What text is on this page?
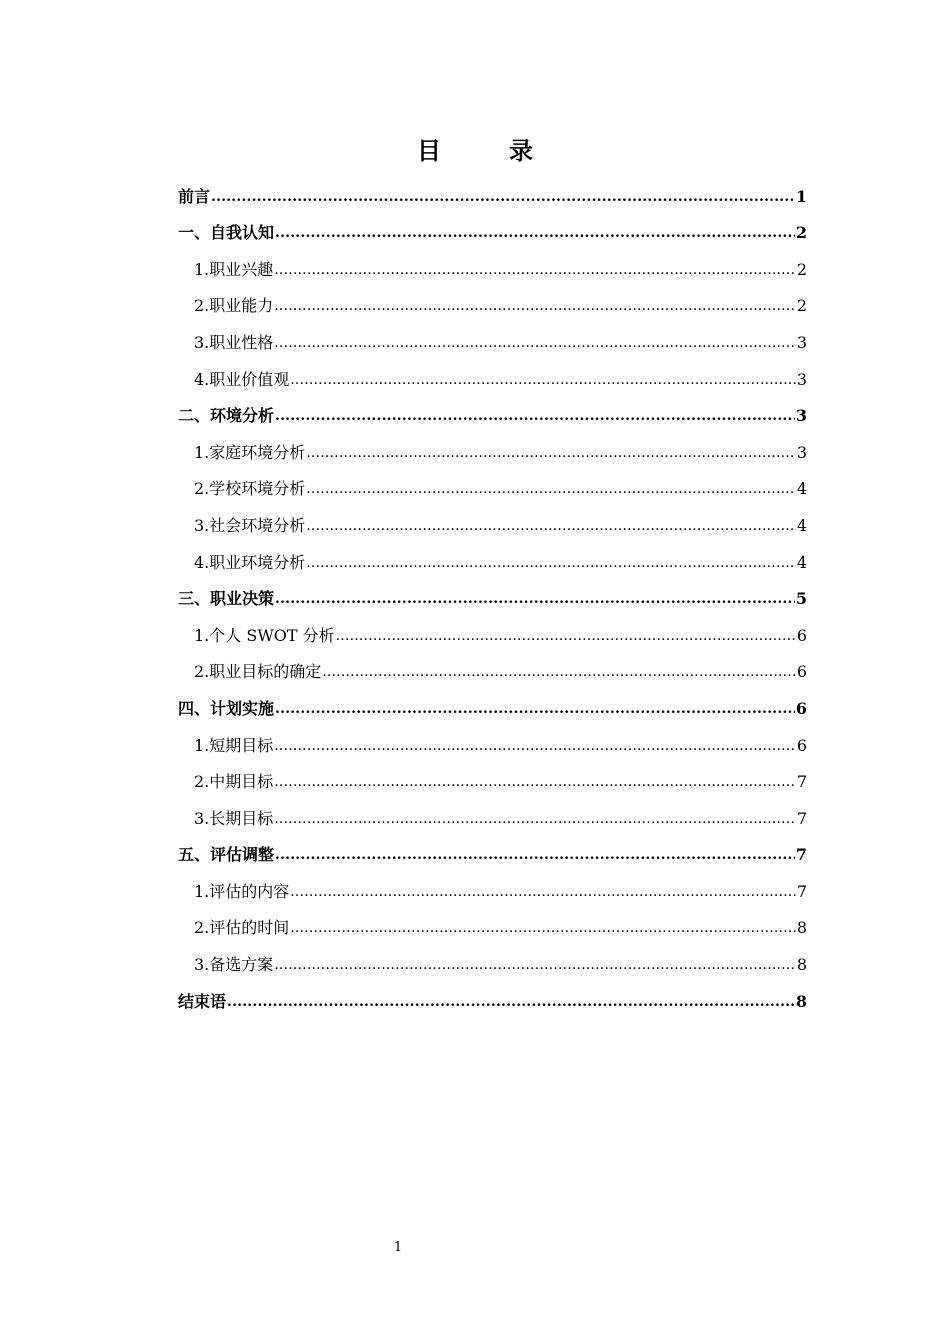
目　录
前言 .....	1
一、自我认知 .....	2
1.职业兴趣 .....	2
2.职业能力 .....	2
3.职业性格 .....	3
4.职业价值观 .....	3
二、环境分析 .....	3
1.家庭环境分析 .....	3
2.学校环境分析 .....	4
3.社会环境分析 .....	4
4.职业环境分析 .....	4
三、职业决策 .....	5
1.个人 SWOT 分析 .....	6
2.职业目标的确定 .....	6
四、计划实施 .....	6
1.短期目标 .....	6
2.中期目标 .....	7
3.长期目标 .....	7
五、评估调整 .....	7
1.评估的内容 .....	7
2.评估的时间 .....	8
3.备选方案 .....	8
结束语 .....	8
1
